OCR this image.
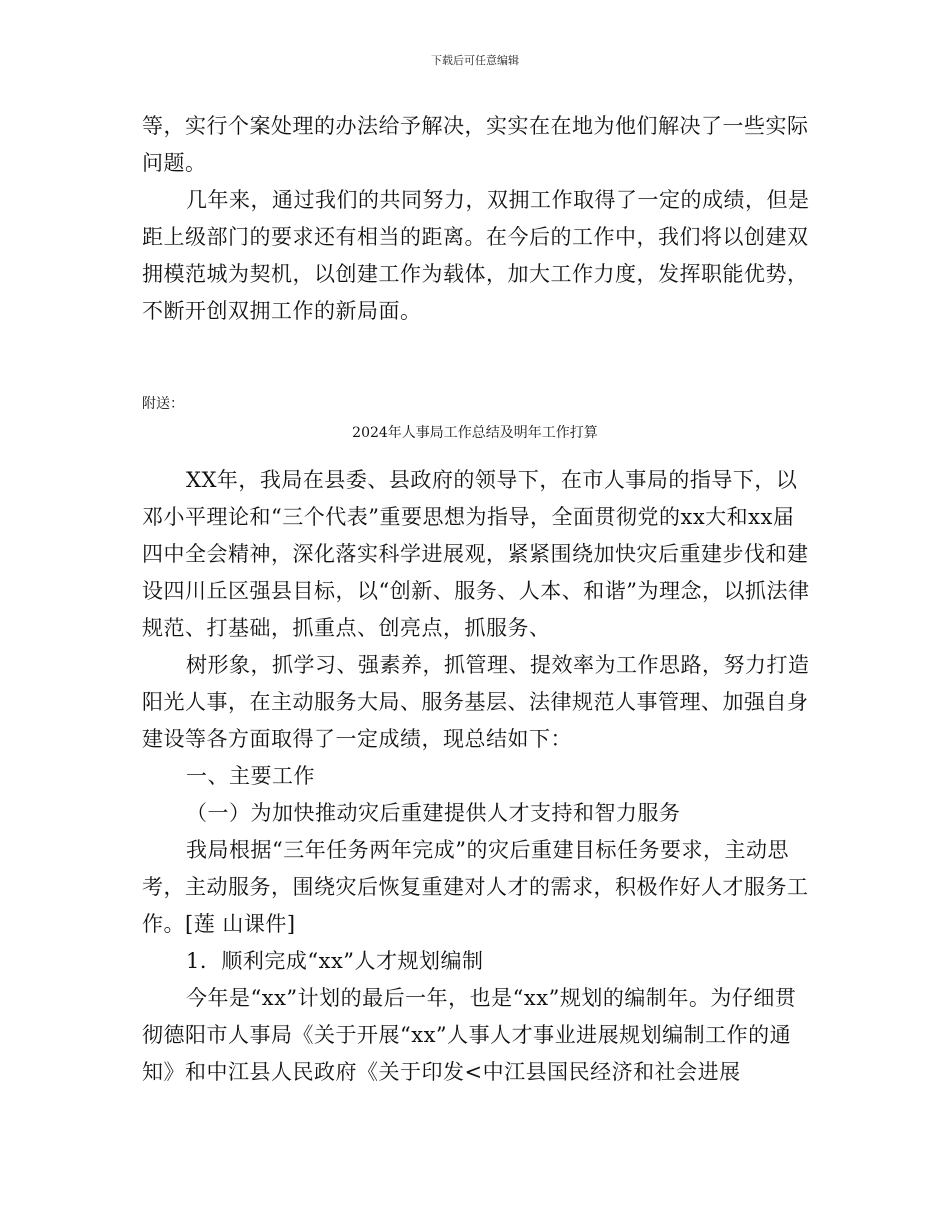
下载后可任意编辑

等，实行个案处理的办法给予解决，实实在在地为他们解决了一些实际问题。

几年来，通过我们的共同努力，双拥工作取得了一定的成绩，但是距上级部门的要求还有相当的距离。在今后的工作中，我们将以创建双拥模范城为契机，以创建工作为载体，加大工作力度，发挥职能优势，不断开创双拥工作的新局面。

附送：
2024年人事局工作总结及明年工作打算

XX年，我局在县委、县政府的领导下，在市人事局的指导下，以邓小平理论和“三个代表”重要思想为指导，全面贯彻党的xx大和xx届四中全会精神，深化落实科学进展观，紧紧围绕加快灾后重建步伐和建设四川丘区强县目标，以“创新、服务、人本、和谐”为理念，以抓法律规范、打基础，抓重点、创亮点，抓服务、

树形象，抓学习、强素养，抓管理、提效率为工作思路，努力打造阳光人事，在主动服务大局、服务基层、法律规范人事管理、加强自身建设等各方面取得了一定成绩，现总结如下：

一、主要工作

（一）为加快推动灾后重建提供人才支持和智力服务

我局根据“三年任务两年完成”的灾后重建目标任务要求，主动思考，主动服务，围绕灾后恢复重建对人才的需求，积极作好人才服务工作。[莲 山课件]

1．顺利完成“xx”人才规划编制

今年是“xx”计划的最后一年，也是“xx”规划的编制年。为仔细贯彻德阳市人事局《关于开展“xx”人事人才事业进展规划编制工作的通知》和中江县人民政府《关于印发<中江县国民经济和社会进展
